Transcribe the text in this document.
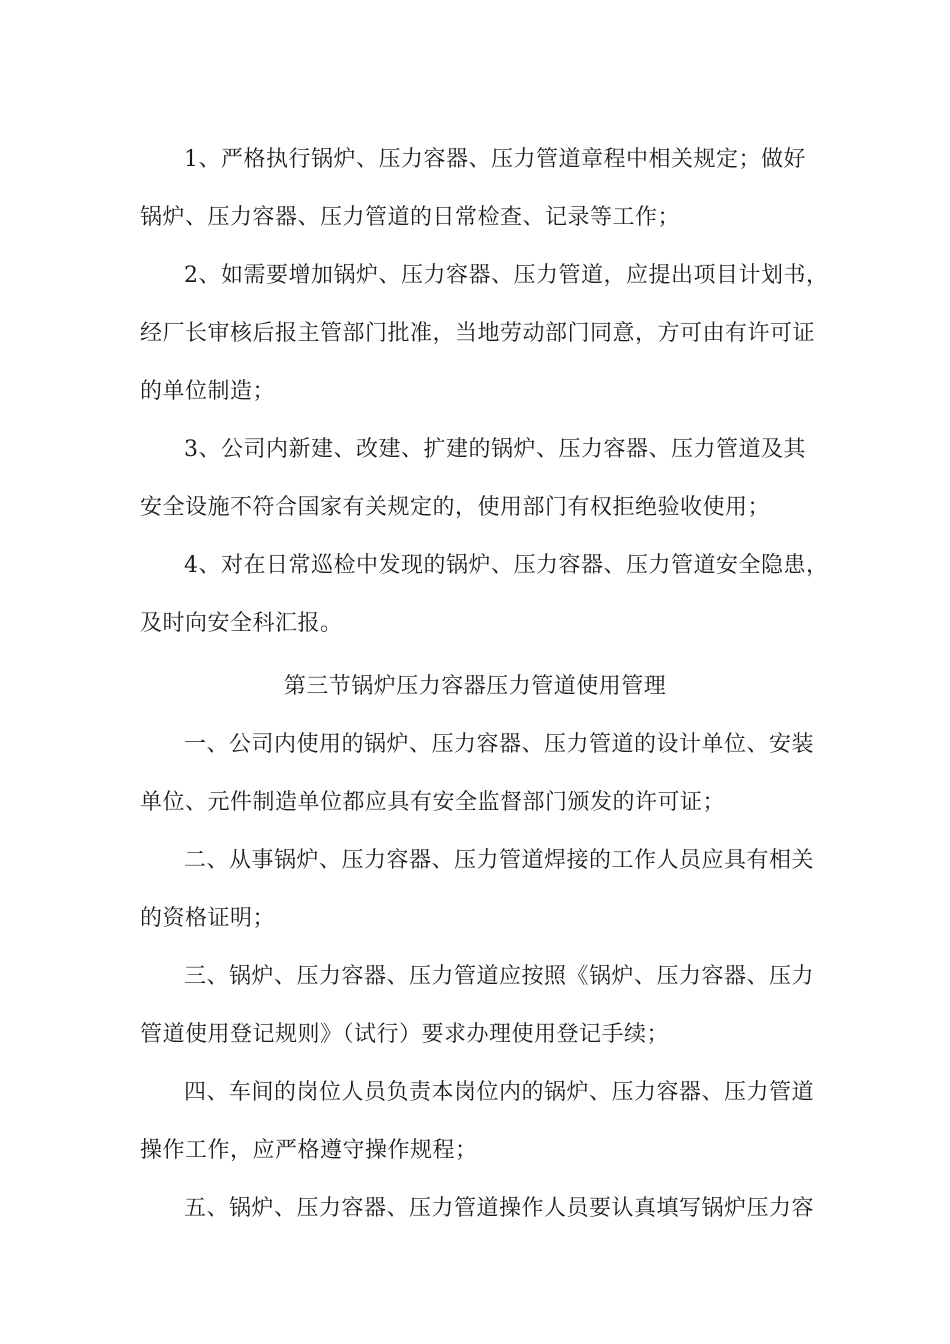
1、严格执行锅炉、压力容器、压力管道章程中相关规定；做好
锅炉、压力容器、压力管道的日常检查、记录等工作；
2、如需要增加锅炉、压力容器、压力管道，应提出项目计划书，
经厂长审核后报主管部门批准，当地劳动部门同意，方可由有许可证
的单位制造；
3、公司内新建、改建、扩建的锅炉、压力容器、压力管道及其
安全设施不符合国家有关规定的，使用部门有权拒绝验收使用；
4、对在日常巡检中发现的锅炉、压力容器、压力管道安全隐患，
及时向安全科汇报。
第三节锅炉压力容器压力管道使用管理
一、公司内使用的锅炉、压力容器、压力管道的设计单位、安装
单位、元件制造单位都应具有安全监督部门颁发的许可证；
二、从事锅炉、压力容器、压力管道焊接的工作人员应具有相关
的资格证明；
三、锅炉、压力容器、压力管道应按照《锅炉、压力容器、压力
管道使用登记规则》（试行）要求办理使用登记手续；
四、车间的岗位人员负责本岗位内的锅炉、压力容器、压力管道
操作工作，应严格遵守操作规程；
五、锅炉、压力容器、压力管道操作人员要认真填写锅炉压力容
